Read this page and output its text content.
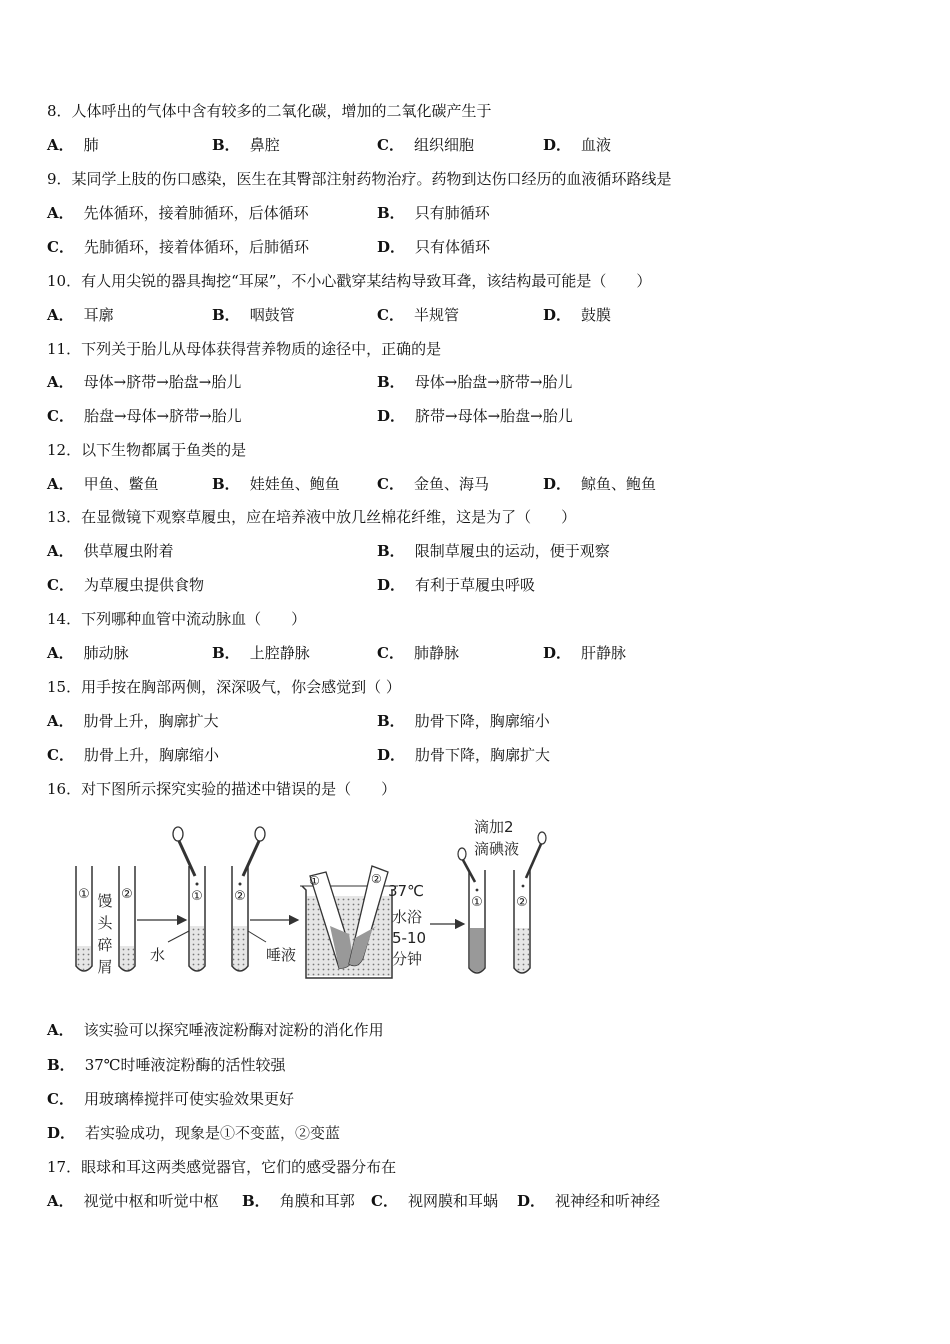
8．人体呼出的气体中含有较多的二氧化碳，增加的二氧化碳产生于
A． 肺	B． 鼻腔	C． 组织细胞	D． 血液
9．某同学上肢的伤口感染，医生在其臀部注射药物治疗。药物到达伤口经历的血液循环路线是
A． 先体循环，接着肺循环，后体循环	B． 只有肺循环
C． 先肺循环，接着体循环，后肺循环	D． 只有体循环
10．有人用尖锐的器具掏挖“耳屎”，不小心戳穿某结构导致耳聋，该结构最可能是（　　）
A． 耳廓	B． 咽鼓管	C． 半规管	D． 鼓膜
11．下列关于胎儿从母体获得营养物质的途径中，正确的是
A． 母体→脐带→胎盘→胎儿	B． 母体→胎盘→脐带→胎儿
C． 胎盘→母体→脐带→胎儿	D． 脐带→母体→胎盘→胎儿
12．以下生物都属于鱼类的是
A． 甲鱼、鳖鱼	B． 娃娃鱼、鲍鱼 C． 金鱼、海马	D． 鲸鱼、鲍鱼
13．在显微镜下观察草履虫，应在培养液中放几丝棉花纤维，这是为了（　　）
A． 供草履虫附着	B． 限制草履虫的运动，便于观察
C． 为草履虫提供食物	D． 有利于草履虫呼吸
14．下列哪种血管中流动脉血（　　）
A． 肺动脉	B． 上腔静脉	C． 肺静脉	D． 肝静脉
15．用手按在胸部两侧，深深吸气，你会感觉到（ ）
A． 肋骨上升，胸廓扩大	B． 肋骨下降，胸廓缩小
C． 肋骨上升，胸廓缩小	D． 肋骨下降，胸廓扩大
16．对下图所示探究实验的描述中错误的是（　　）
① ②
馒
头
碎
屑
① ②
水	唾液
①	②
37℃
水浴
5-10
分钟
滴加2
滴碘液
①	②
A． 该实验可以探究唾液淀粉酶对淀粉的消化作用
B． 37℃时唾液淀粉酶的活性较强
C． 用玻璃棒搅拌可使实验效果更好
D． 若实验成功，现象是①不变蓝，②变蓝
17．眼球和耳这两类感觉器官，它们的感受器分布在
A． 视觉中枢和听觉中枢 B． 角膜和耳郭 C． 视网膜和耳蜗 D． 视神经和听神经
